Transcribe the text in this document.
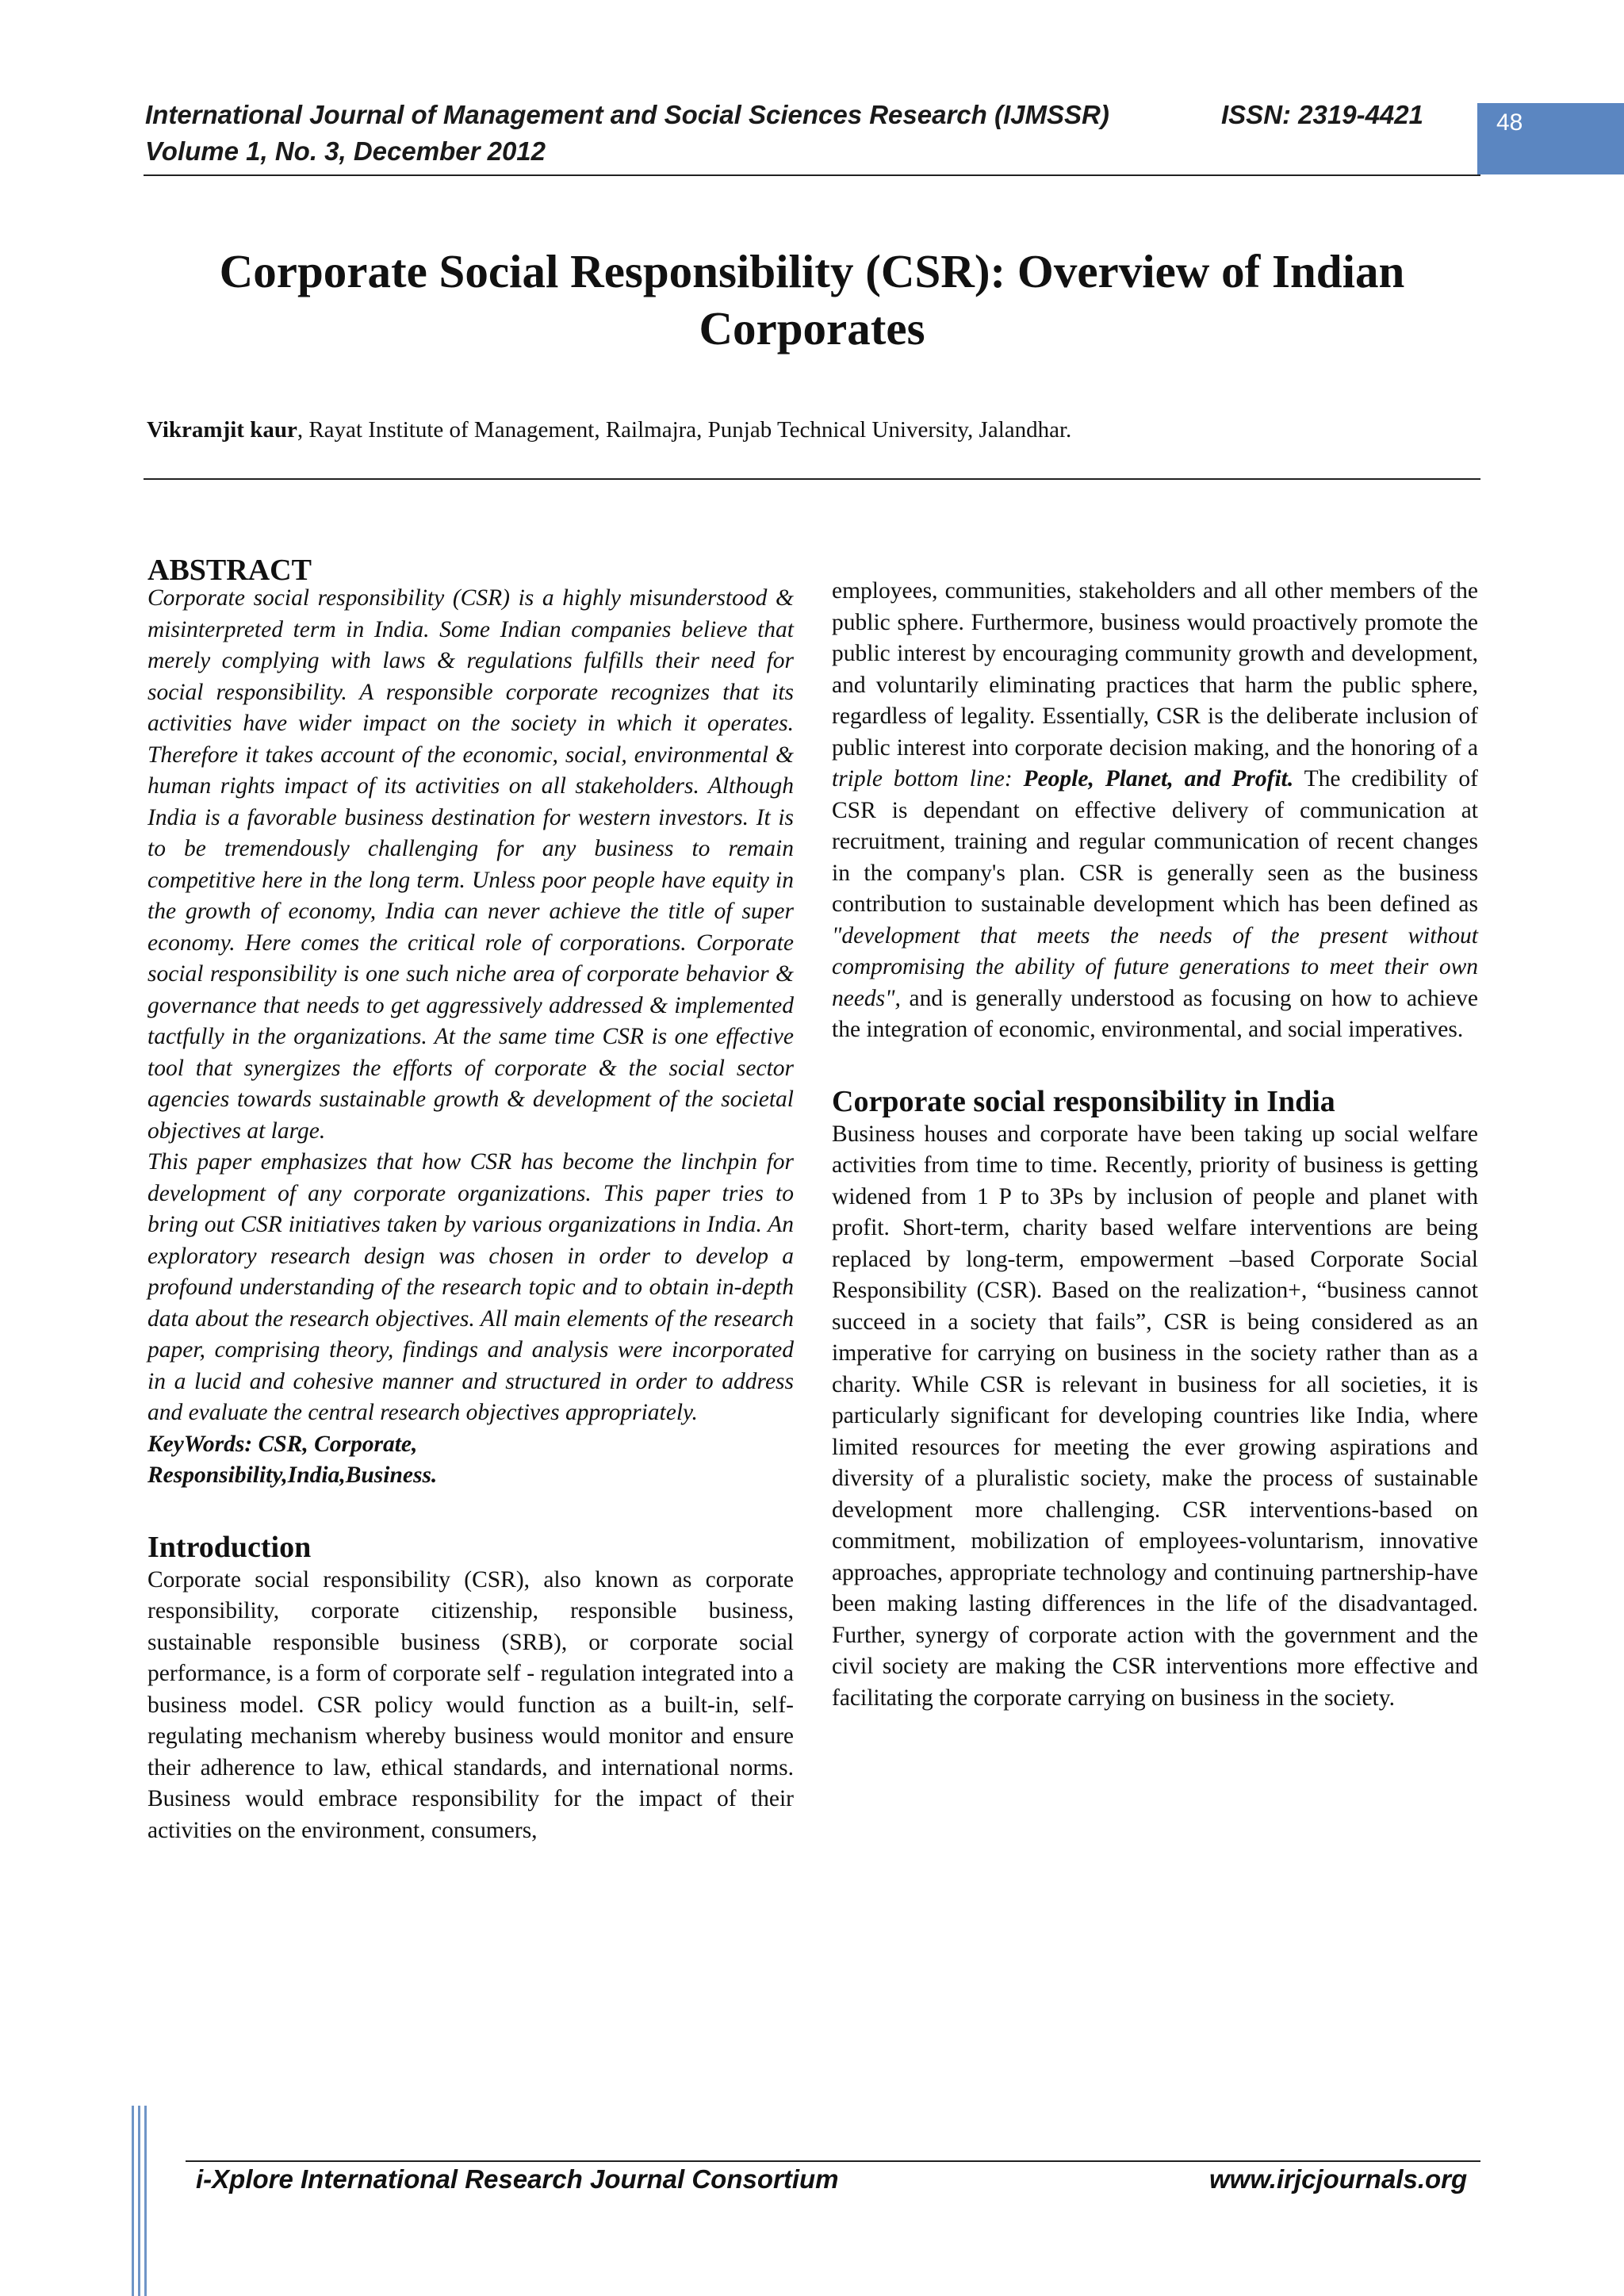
International Journal of Management and Social Sciences Research (IJMSSR)	ISSN: 2319-4421
Volume 1, No. 3, December 2012
48
Corporate Social Responsibility (CSR): Overview of Indian Corporates
Vikramjit kaur, Rayat Institute of Management, Railmajra, Punjab Technical University, Jalandhar.
ABSTRACT

Corporate social responsibility (CSR) is a highly misunderstood & misinterpreted term in India. Some Indian companies believe that merely complying with laws & regulations fulfills their need for social responsibility. A responsible corporate recognizes that its activities have wider impact on the society in which it operates. Therefore it takes account of the economic, social, environmental & human rights impact of its activities on all stakeholders. Although India is a favorable business destination for western investors. It is to be tremendously challenging for any business to remain competitive here in the long term. Unless poor people have equity in the growth of economy, India can never achieve the title of super economy. Here comes the critical role of corporations. Corporate social responsibility is one such niche area of corporate behavior & governance that needs to get aggressively addressed & implemented tactfully in the organizations. At the same time CSR is one effective tool that synergizes the efforts of corporate & the social sector agencies towards sustainable growth & development of the societal objectives at large.

This paper emphasizes that how CSR has become the linchpin for development of any corporate organizations. This paper tries to bring out CSR initiatives taken by various organizations in India. An exploratory research design was chosen in order to develop a profound understanding of the research topic and to obtain in-depth data about the research objectives. All main elements of the research paper, comprising theory, findings and analysis were incorporated in a lucid and cohesive manner and structured in order to address and evaluate the central research objectives appropriately.

KeyWords: CSR, Corporate,
Responsibility,India,Business.

Introduction

Corporate social responsibility (CSR), also known as corporate responsibility, corporate citizenship, responsible business, sustainable responsible business (SRB), or corporate social performance, is a form of corporate self - regulation integrated into a business model. CSR policy would function as a built-in, self-regulating mechanism whereby business would monitor and ensure their adherence to law, ethical standards, and international norms. Business would embrace responsibility for the impact of their activities on the environment, consumers,

employees, communities, stakeholders and all other members of the public sphere. Furthermore, business would proactively promote the public interest by encouraging community growth and development, and voluntarily eliminating practices that harm the public sphere, regardless of legality. Essentially, CSR is the deliberate inclusion of public interest into corporate decision making, and the honoring of a triple bottom line: People, Planet, and Profit. The credibility of CSR is dependant on effective delivery of communication at recruitment, training and regular communication of recent changes in the company's plan. CSR is generally seen as the business contribution to sustainable development which has been defined as "development that meets the needs of the present without compromising the ability of future generations to meet their own needs", and is generally understood as focusing on how to achieve the integration of economic, environmental, and social imperatives.

Corporate social responsibility in India

Business houses and corporate have been taking up social welfare activities from time to time. Recently, priority of business is getting widened from 1 P to 3Ps by inclusion of people and planet with profit. Short-term, charity based welfare interventions are being replaced by long-term, empowerment –based Corporate Social Responsibility (CSR). Based on the realization+, “business cannot succeed in a society that fails”, CSR is being considered as an imperative for carrying on business in the society rather than as a charity. While CSR is relevant in business for all societies, it is particularly significant for developing countries like India, where limited resources for meeting the ever growing aspirations and diversity of a pluralistic society, make the process of sustainable development more challenging. CSR interventions-based on commitment, mobilization of employees-voluntarism, innovative approaches, appropriate technology and continuing partnership-have been making lasting differences in the life of the disadvantaged. Further, synergy of corporate action with the government and the civil society are making the CSR interventions more effective and facilitating the corporate carrying on business in the society.

i-Xplore International Research Journal Consortium	www.irjcjournals.org
